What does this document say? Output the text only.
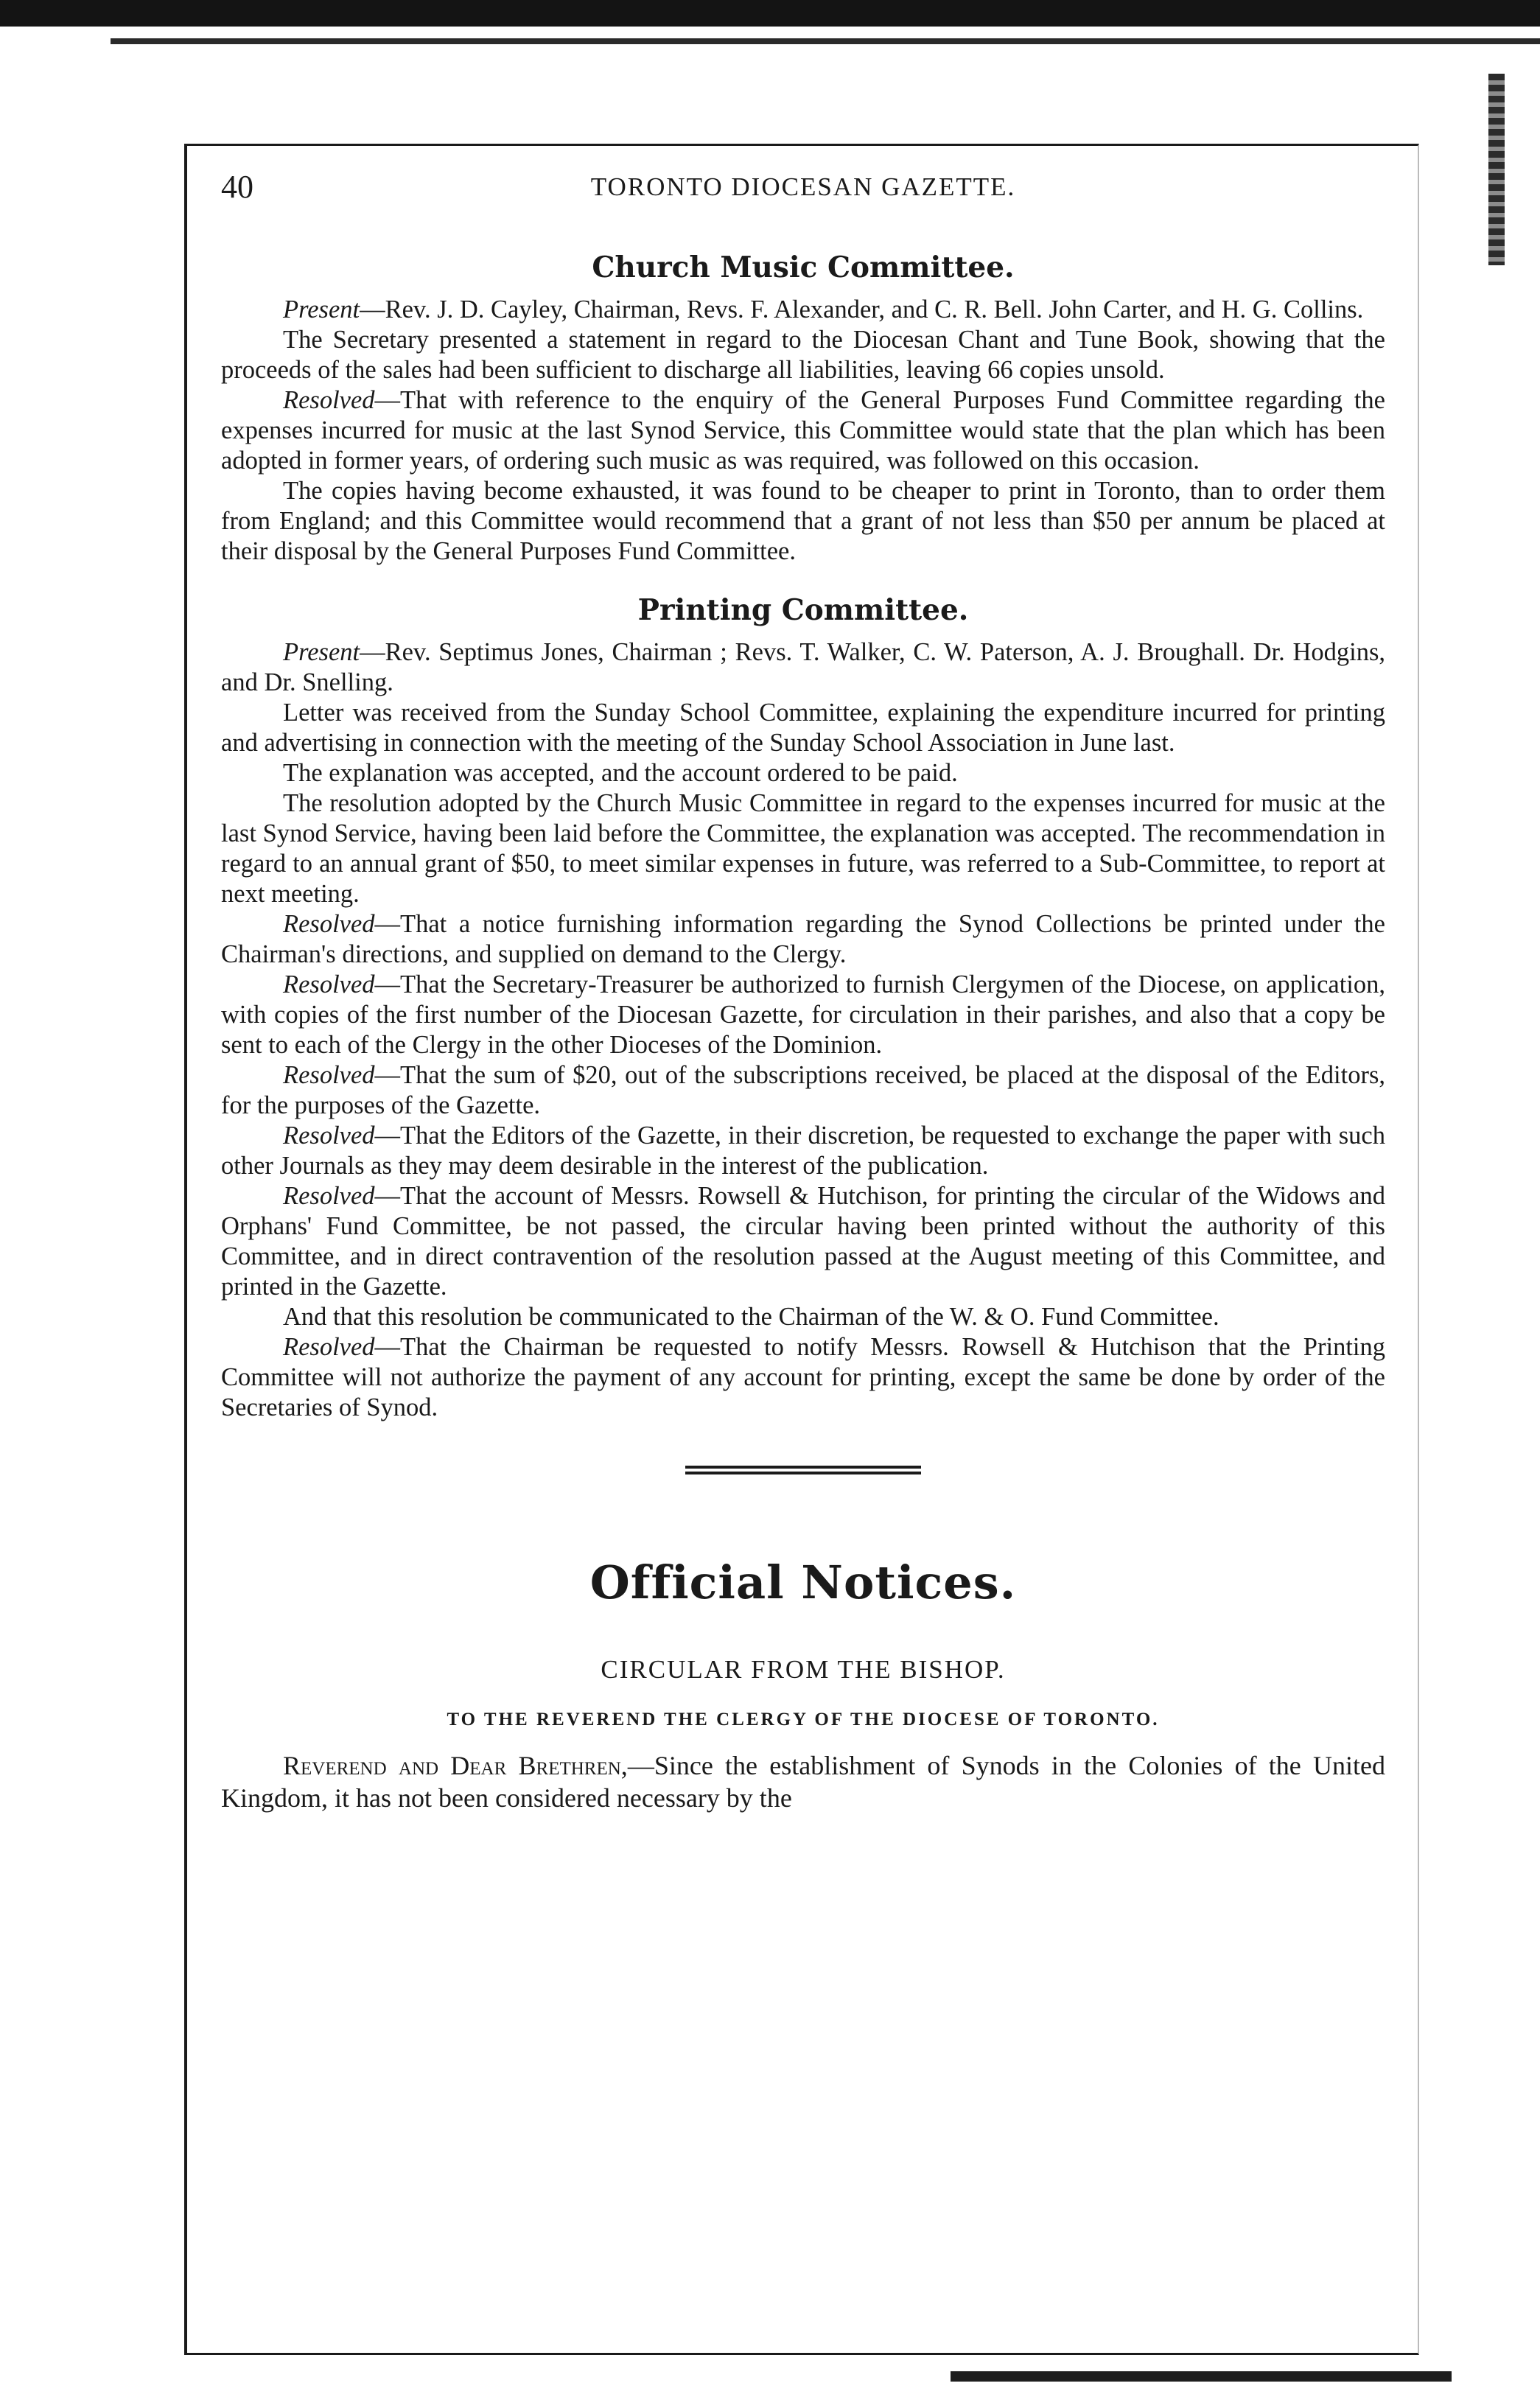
40	TORONTO DIOCESAN GAZETTE.
Church Music Committee.

Present—Rev. J. D. Cayley, Chairman, Revs. F. Alexander, and C. R. Bell. John Carter, and H. G. Collins.

The Secretary presented a statement in regard to the Diocesan Chant and Tune Book, showing that the proceeds of the sales had been sufficient to discharge all liabilities, leaving 66 copies unsold.

Resolved—That with reference to the enquiry of the General Purposes Fund Committee regarding the expenses incurred for music at the last Synod Service, this Committee would state that the plan which has been adopted in former years, of ordering such music as was required, was followed on this occasion.

The copies having become exhausted, it was found to be cheaper to print in Toronto, than to order them from England; and this Committee would recommend that a grant of not less than $50 per annum be placed at their disposal by the General Purposes Fund Committee.

Printing Committee.

Present—Rev. Septimus Jones, Chairman ; Revs. T. Walker, C. W. Paterson, A. J. Broughall. Dr. Hodgins, and Dr. Snelling.

Letter was received from the Sunday School Committee, explaining the expenditure incurred for printing and advertising in connection with the meeting of the Sunday School Association in June last.

The explanation was accepted, and the account ordered to be paid.

The resolution adopted by the Church Music Committee in regard to the expenses incurred for music at the last Synod Service, having been laid before the Committee, the explanation was accepted. The recommendation in regard to an annual grant of $50, to meet similar expenses in future, was referred to a Sub-Committee, to report at next meeting.

Resolved—That a notice furnishing information regarding the Synod Collections be printed under the Chairman's directions, and supplied on demand to the Clergy.

Resolved—That the Secretary-Treasurer be authorized to furnish Clergymen of the Diocese, on application, with copies of the first number of the Diocesan Gazette, for circulation in their parishes, and also that a copy be sent to each of the Clergy in the other Dioceses of the Dominion.

Resolved—That the sum of $20, out of the subscriptions received, be placed at the disposal of the Editors, for the purposes of the Gazette.

Resolved—That the Editors of the Gazette, in their discretion, be requested to exchange the paper with such other Journals as they may deem desirable in the interest of the publication.

Resolved—That the account of Messrs. Rowsell & Hutchison, for printing the circular of the Widows and Orphans' Fund Committee, be not passed, the circular having been printed without the authority of this Committee, and in direct contravention of the resolution passed at the August meeting of this Committee, and printed in the Gazette.

And that this resolution be communicated to the Chairman of the W. & O. Fund Committee.

Resolved—That the Chairman be requested to notify Messrs. Rowsell & Hutchison that the Printing Committee will not authorize the payment of any account for printing, except the same be done by order of the Secretaries of Synod.

Official Notices.
CIRCULAR FROM THE BISHOP.
TO THE REVEREND THE CLERGY OF THE DIOCESE OF TORONTO.

Reverend and Dear Brethren,—Since the establishment of Synods in the Colonies of the United Kingdom, it has not been considered necessary by the
